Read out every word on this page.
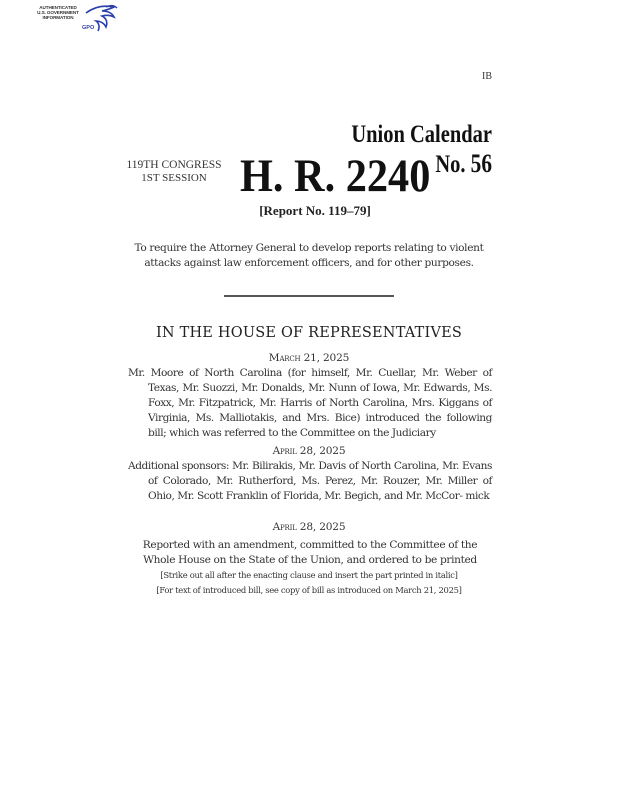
AUTHENTICATED
U.S. GOVERNMENT
INFORMATION
GPO
IB
Union Calendar No. 56
119TH CONGRESS
1ST SESSION H. R. 2240
[Report No. 119–79]
To require the Attorney General to develop reports relating to violent attacks against law enforcement officers, and for other purposes.
IN THE HOUSE OF REPRESENTATIVES
March 21, 2025
Mr. Moore of North Carolina (for himself, Mr. Cuellar, Mr. Weber of Texas, Mr. Suozzi, Mr. Donalds, Mr. Nunn of Iowa, Mr. Edwards, Ms. Foxx, Mr. Fitzpatrick, Mr. Harris of North Carolina, Mrs. Kiggans of Virginia, Ms. Malliotakis, and Mrs. Bice) introduced the following bill; which was referred to the Committee on the Judiciary
April 28, 2025
Additional sponsors: Mr. Bilirakis, Mr. Davis of North Carolina, Mr. Evans of Colorado, Mr. Rutherford, Ms. Perez, Mr. Rouzer, Mr. Miller of Ohio, Mr. Scott Franklin of Florida, Mr. Begich, and Mr. McCor- mick
April 28, 2025
Reported with an amendment, committed to the Committee of the Whole House on the State of the Union, and ordered to be printed
[Strike out all after the enacting clause and insert the part printed in italic]
[For text of introduced bill, see copy of bill as introduced on March 21, 2025]
